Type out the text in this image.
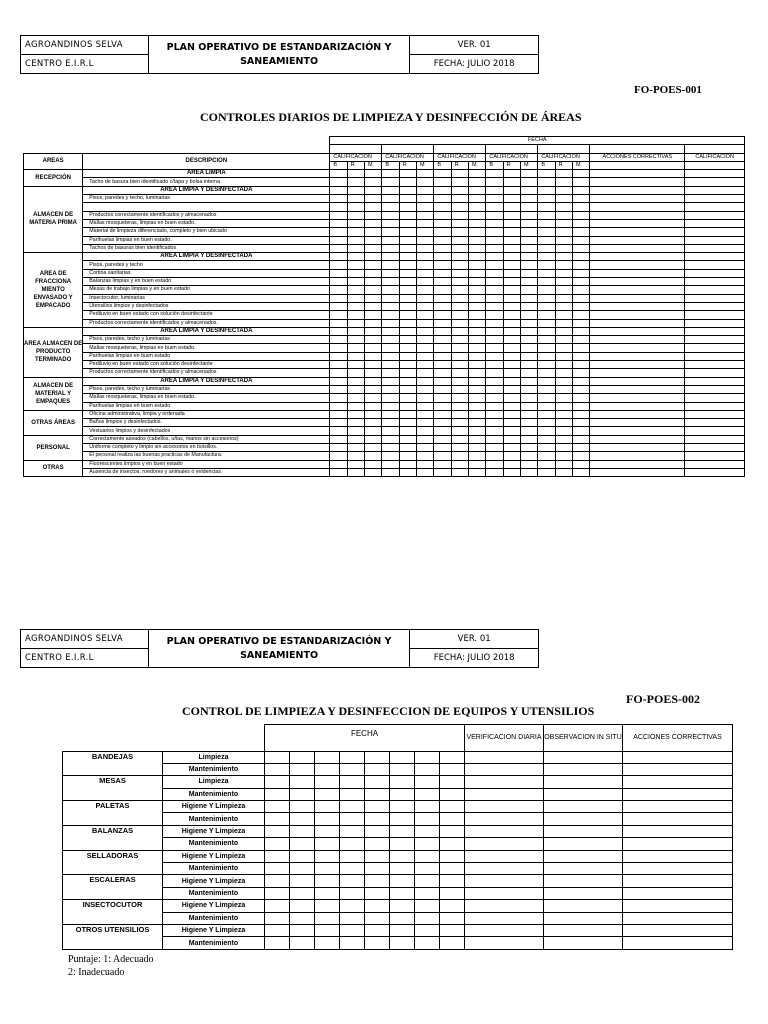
AGROANDINOS SELVA	PLAN OPERATIVO DE ESTANDARIZACIÓN Y
SANEAMIENTO	VER. 01
CENTRO E.I.R.L		FECHA: JULIO 2018
FO-POES-001
CONTROLES DIARIOS DE LIMPIEZA Y DESINFECCIÓN DE ÁREAS
		FECHA																

AREAS	DESCRIPCION	CALIFICACION			CALIFICACION			CALIFICACION			CALIFICACION			CALIFICACION			ACCIONES CORRECTIVAS	CALIFICACION
		B	R	M	B	R	M	B	R	M	B	R	M	B	R	M		
RECEPCIÓN	AREA LIMPIA																	
	Tacho de basura bien identificado c/tapa y bolsa interna																	
ALMACEN DE MATERIA PRIMA	AREA LIMPIA Y DESINFECTADA																	
	Pisos, paredes y techo, luminarias																	

	Productos correctamente identificados y almacenados																	
	Mallas mosqueteras, limpias en buen estado.																	
	Material de limpieza diferenciado, completo y bien ubicado																	
	Parihuelas limpias en buen estado.																	
	Tachos de basuras bien identificados																	
AREA DE FRACCIONA MIENTO ENVASADO Y EMPACADO	AREA LIMPIA Y DESINFECTADA																	
	Pisos, paredes y techo																	
	Cortina sanitarias																	
	Balanzas limpias y en buen estado																	
	Mesas de trabajo limpias y en buen estado																	
	Insectocutor, luminarias																	
	Utensilios limpios y desinfectados																	
	Pediluvio en buen estado con solución desinfectante																	
	Productos correctamente identificados y almacenados.																	
AREA ALMACEN DE PRODUCTO TERMINADO	AREA LIMPIA Y DESINFECTADA																	
	Pisos, paredes, techo y luminarias																	
	Mallas mosqueteras, limpias en buen estado.																	
	Parihuelas limpias en buen estado																	
	Pediluvio en buen estado con solución desinfectante																	
	Productos correctamente identificados y almacenados																	
ALMACEN DE MATERIAL Y EMPAQUES	AREA LIMPIA Y DESINFECTADA																	
	Pisos, paredes, techo y luminarias																	
	Mallas mosqueteras, limpias en buen estado.																	
	Parihuelas limpias en buen estado																	
OTRAS ÁREAS	Oficina administrativa, limpia y ordenada																	
	Baños limpios y desinfectados.																	
	Vestuarios limpios y desinfectados																	
PERSONAL	Correctamente aseados (cabellos, uñas, manos sin accesorios)																	
	Uniforme completo y limpio sin accesorios en bolsillos.																	
	El personal realiza las buenas practicas de Manufactura.																	
OTRAS	Fluorescentes limpios y en buen estado																	
	Ausencia de insectos, roedores y animales o evidencias.																	
AGROANDINOS SELVA	PLAN OPERATIVO DE ESTANDARIZACIÓN Y
SANEAMIENTO	VER. 01
CENTRO E.I.R.L		FECHA: JULIO 2018
FO-POES-002
CONTROL DE LIMPIEZA Y DESINFECCION DE EQUIPOS Y UTENSILIOS
		FECHA								VERIFICACION DIARIA	OBSERVACION IN SITU	ACCIONES CORRECTIVAS
BANDEJAS	Limpieza											
	Mantenimiento											
MESAS	Limpieza											
	Mantenimiento											
PALETAS	Higiene Y Limpieza											
	Mantenimiento											
BALANZAS	Higiene Y Limpieza											
	Mantenimiento											
SELLADORAS	Higiene Y Limpieza											
	Mantenimiento											
ESCALERAS	Higiene Y Limpieza											
	Mantenimiento											
INSECTOCUTOR	Higiene Y Limpieza											
	Mantenimiento											
OTROS UTENSILIOS	Higiene Y Limpieza											
	Mantenimiento											
Puntaje: 1: Adecuado
2: Inadecuado
